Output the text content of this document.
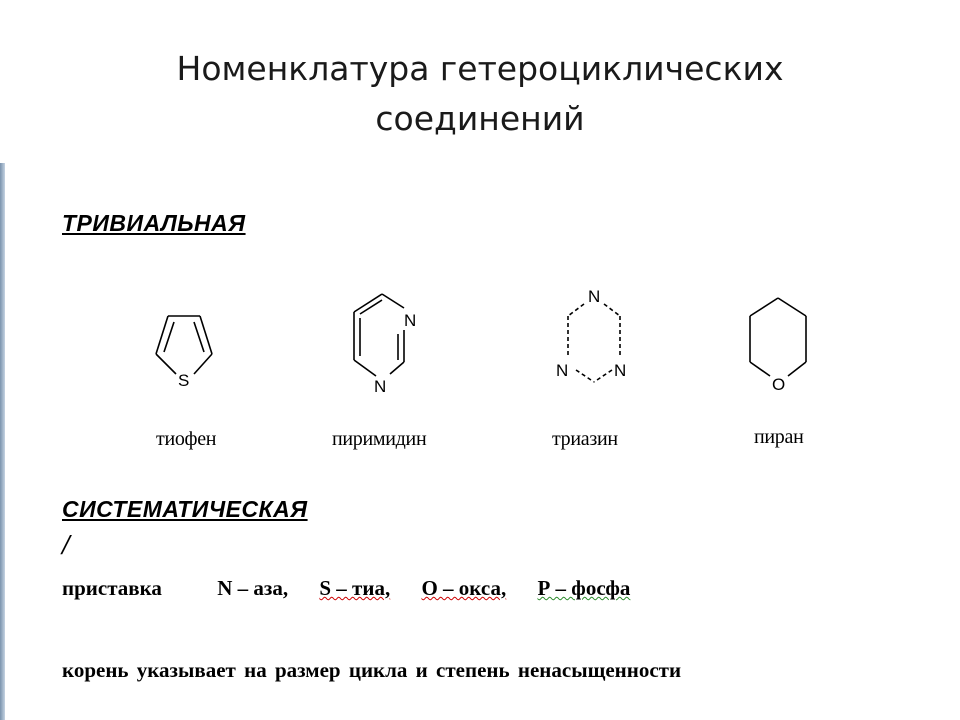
Номенклатура гетероциклических
соединений
ТРИВИАЛЬНАЯ
S
N
N
N
N	N
O
тиофен	пиримидин	триазин	пиран
СИСТЕМАТИЧЕСКАЯ
/
приставка	N – аза, S – тиа, О – окса, Р – фосфа
корень указывает на размер цикла и степень ненасыщенности
